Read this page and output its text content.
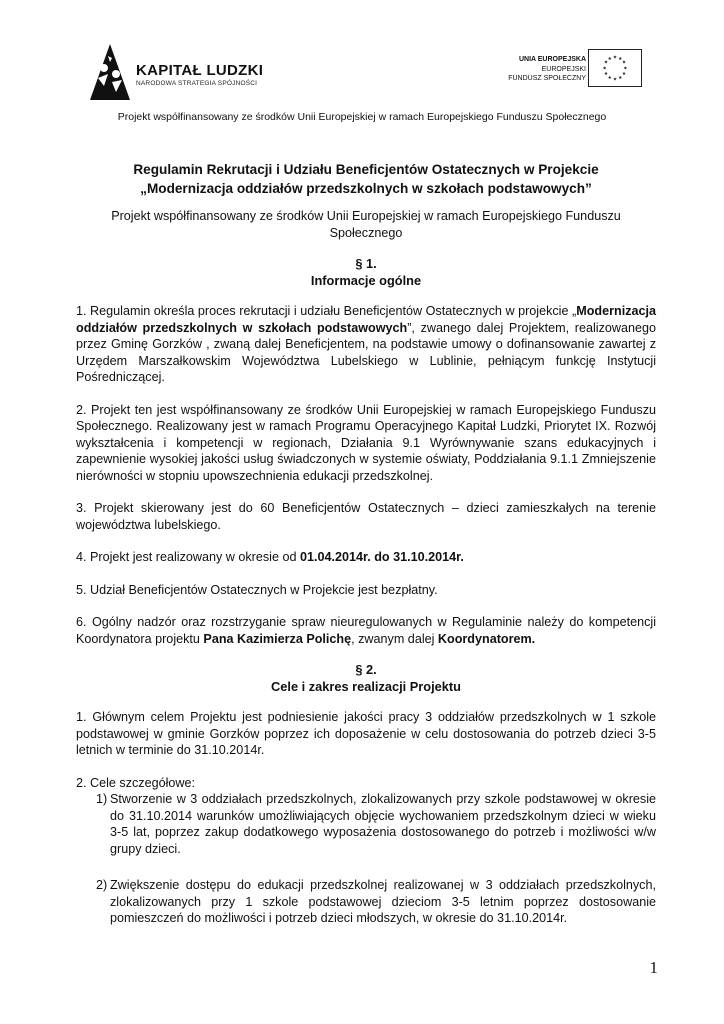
KAPITAŁ LUDZKI
NARODOWA STRATEGIA SPÓJNOŚCI
UNIA EUROPEJSKA
EUROPEJSKI
FUNDUSZ SPOŁECZNY
★ ★
★
★
★
★
★
★
★
★
★
★
Projekt współfinansowany ze środków Unii Europejskiej w ramach Europejskiego Funduszu Społecznego
Regulamin Rekrutacji i Udziału Beneficjentów Ostatecznych w Projekcie
„Modernizacja oddziałów przedszkolnych w szkołach podstawowych”
Projekt współfinansowany ze środków Unii Europejskiej w ramach Europejskiego Funduszu Społecznego
§ 1.
Informacje ogólne
1. Regulamin określa proces rekrutacji i udziału Beneficjentów Ostatecznych w projekcie „Modernizacja oddziałów przedszkolnych w szkołach podstawowych”, zwanego dalej Projektem, realizowanego przez Gminę Gorzków , zwaną dalej Beneficjentem, na podstawie umowy o dofinansowanie zawartej z Urzędem Marszałkowskim Województwa Lubelskiego w Lublinie, pełniącym funkcję Instytucji Pośredniczącej.
2. Projekt ten jest współfinansowany ze środków Unii Europejskiej w ramach Europejskiego Funduszu Społecznego. Realizowany jest w ramach Programu Operacyjnego Kapitał Ludzki, Priorytet IX. Rozwój wykształcenia i kompetencji w regionach, Działania 9.1 Wyrównywanie szans edukacyjnych i zapewnienie wysokiej jakości usług świadczonych w systemie oświaty, Poddziałania 9.1.1 Zmniejszenie nierówności w stopniu upowszechnienia edukacji przedszkolnej.
3. Projekt skierowany jest do 60 Beneficjentów Ostatecznych – dzieci zamieszkałych na terenie województwa lubelskiego.
4. Projekt jest realizowany w okresie od 01.04.2014r. do 31.10.2014r.
5. Udział Beneficjentów Ostatecznych w Projekcie jest bezpłatny.
6. Ogólny nadzór oraz rozstrzyganie spraw nieuregulowanych w Regulaminie należy do kompetencji Koordynatora projektu Pana Kazimierza Polichę, zwanym dalej Koordynatorem.
§ 2.
Cele i zakres realizacji Projektu
1. Głównym celem Projektu jest podniesienie jakości pracy 3 oddziałów przedszkolnych w 1 szkole podstawowej w gminie Gorzków poprzez ich doposażenie w celu dostosowania do potrzeb dzieci 3-5 letnich w terminie do 31.10.2014r.
2. Cele szczegółowe:
1) Stworzenie w 3 oddziałach przedszkolnych, zlokalizowanych przy szkole podstawowej w okresie do 31.10.2014 warunków umożliwiających objęcie wychowaniem przedszkolnym dzieci w wieku 3-5 lat, poprzez zakup dodatkowego wyposażenia dostosowanego do potrzeb i możliwości w/w grupy dzieci.
2) Zwiększenie dostępu do edukacji przedszkolnej realizowanej w 3 oddziałach przedszkolnych, zlokalizowanych przy 1 szkole podstawowej dzieciom 3-5 letnim poprzez dostosowanie pomieszczeń do możliwości i potrzeb dzieci młodszych, w okresie do 31.10.2014r.
1
